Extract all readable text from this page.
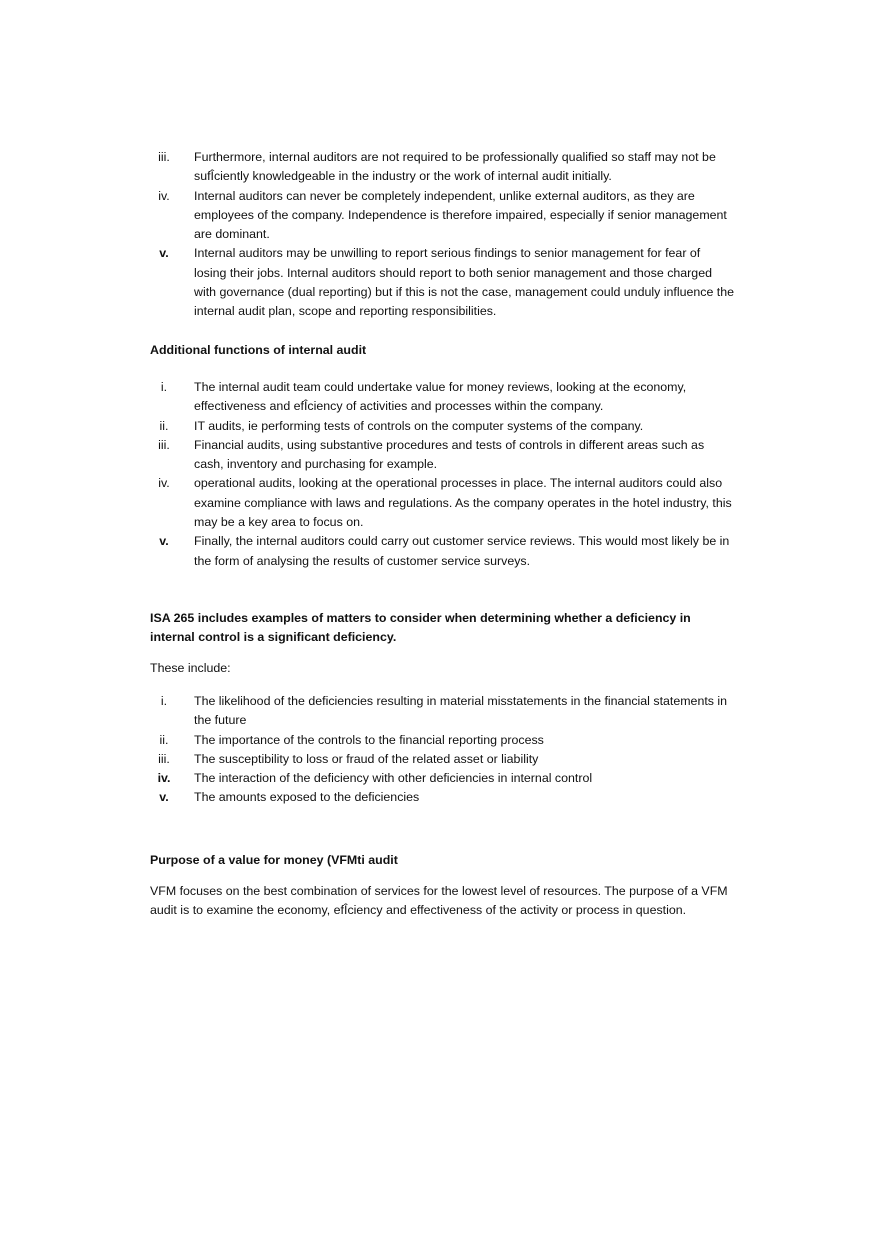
iii.	Furthermore, internal auditors are not required to be professionally qualified so staff may not be sufÎciently knowledgeable in the industry or the work of internal audit initially.
iv.	Internal auditors can never be completely independent, unlike external auditors, as they are employees of the company. Independence is therefore impaired, especially if senior management are dominant.
v.	Internal auditors may be unwilling to report serious findings to senior management for fear of losing their jobs. Internal auditors should report to both senior management and those charged with governance (dual reporting) but if this is not the case, management could unduly influence the internal audit plan, scope and reporting responsibilities.
Additional functions of internal audit
i.	The internal audit team could undertake value for money reviews, looking at the economy, effectiveness and efÎciency of activities and processes within the company.
ii.	IT audits, ie performing tests of controls on the computer systems of the company.
iii.	Financial audits, using substantive procedures and tests of controls in different areas such as cash, inventory and purchasing for example.
iv.	operational audits, looking at the operational processes in place. The internal auditors could also examine compliance with laws and regulations. As the company operates in the hotel industry, this may be a key area to focus on.
v.	Finally, the internal auditors could carry out customer service reviews. This would most likely be in the form of analysing the results of customer service surveys.
ISA 265 includes examples of matters to consider when determining whether a deficiency in internal control is a significant deficiency.

These include:

i.	The likelihood of the deficiencies resulting in material misstatements in the financial statements in the future
ii.	The importance of the controls to the financial reporting process
iii.	The susceptibility to loss or fraud of the related asset or liability
iv.	The interaction of the deficiency with other deficiencies in internal control
v.	The amounts exposed to the deficiencies
Purpose of a value for money (VFMti audit

VFM focuses on the best combination of services for the lowest level of resources. The purpose of a VFM audit is to examine the economy, efÎciency and effectiveness of the activity or process in question.
